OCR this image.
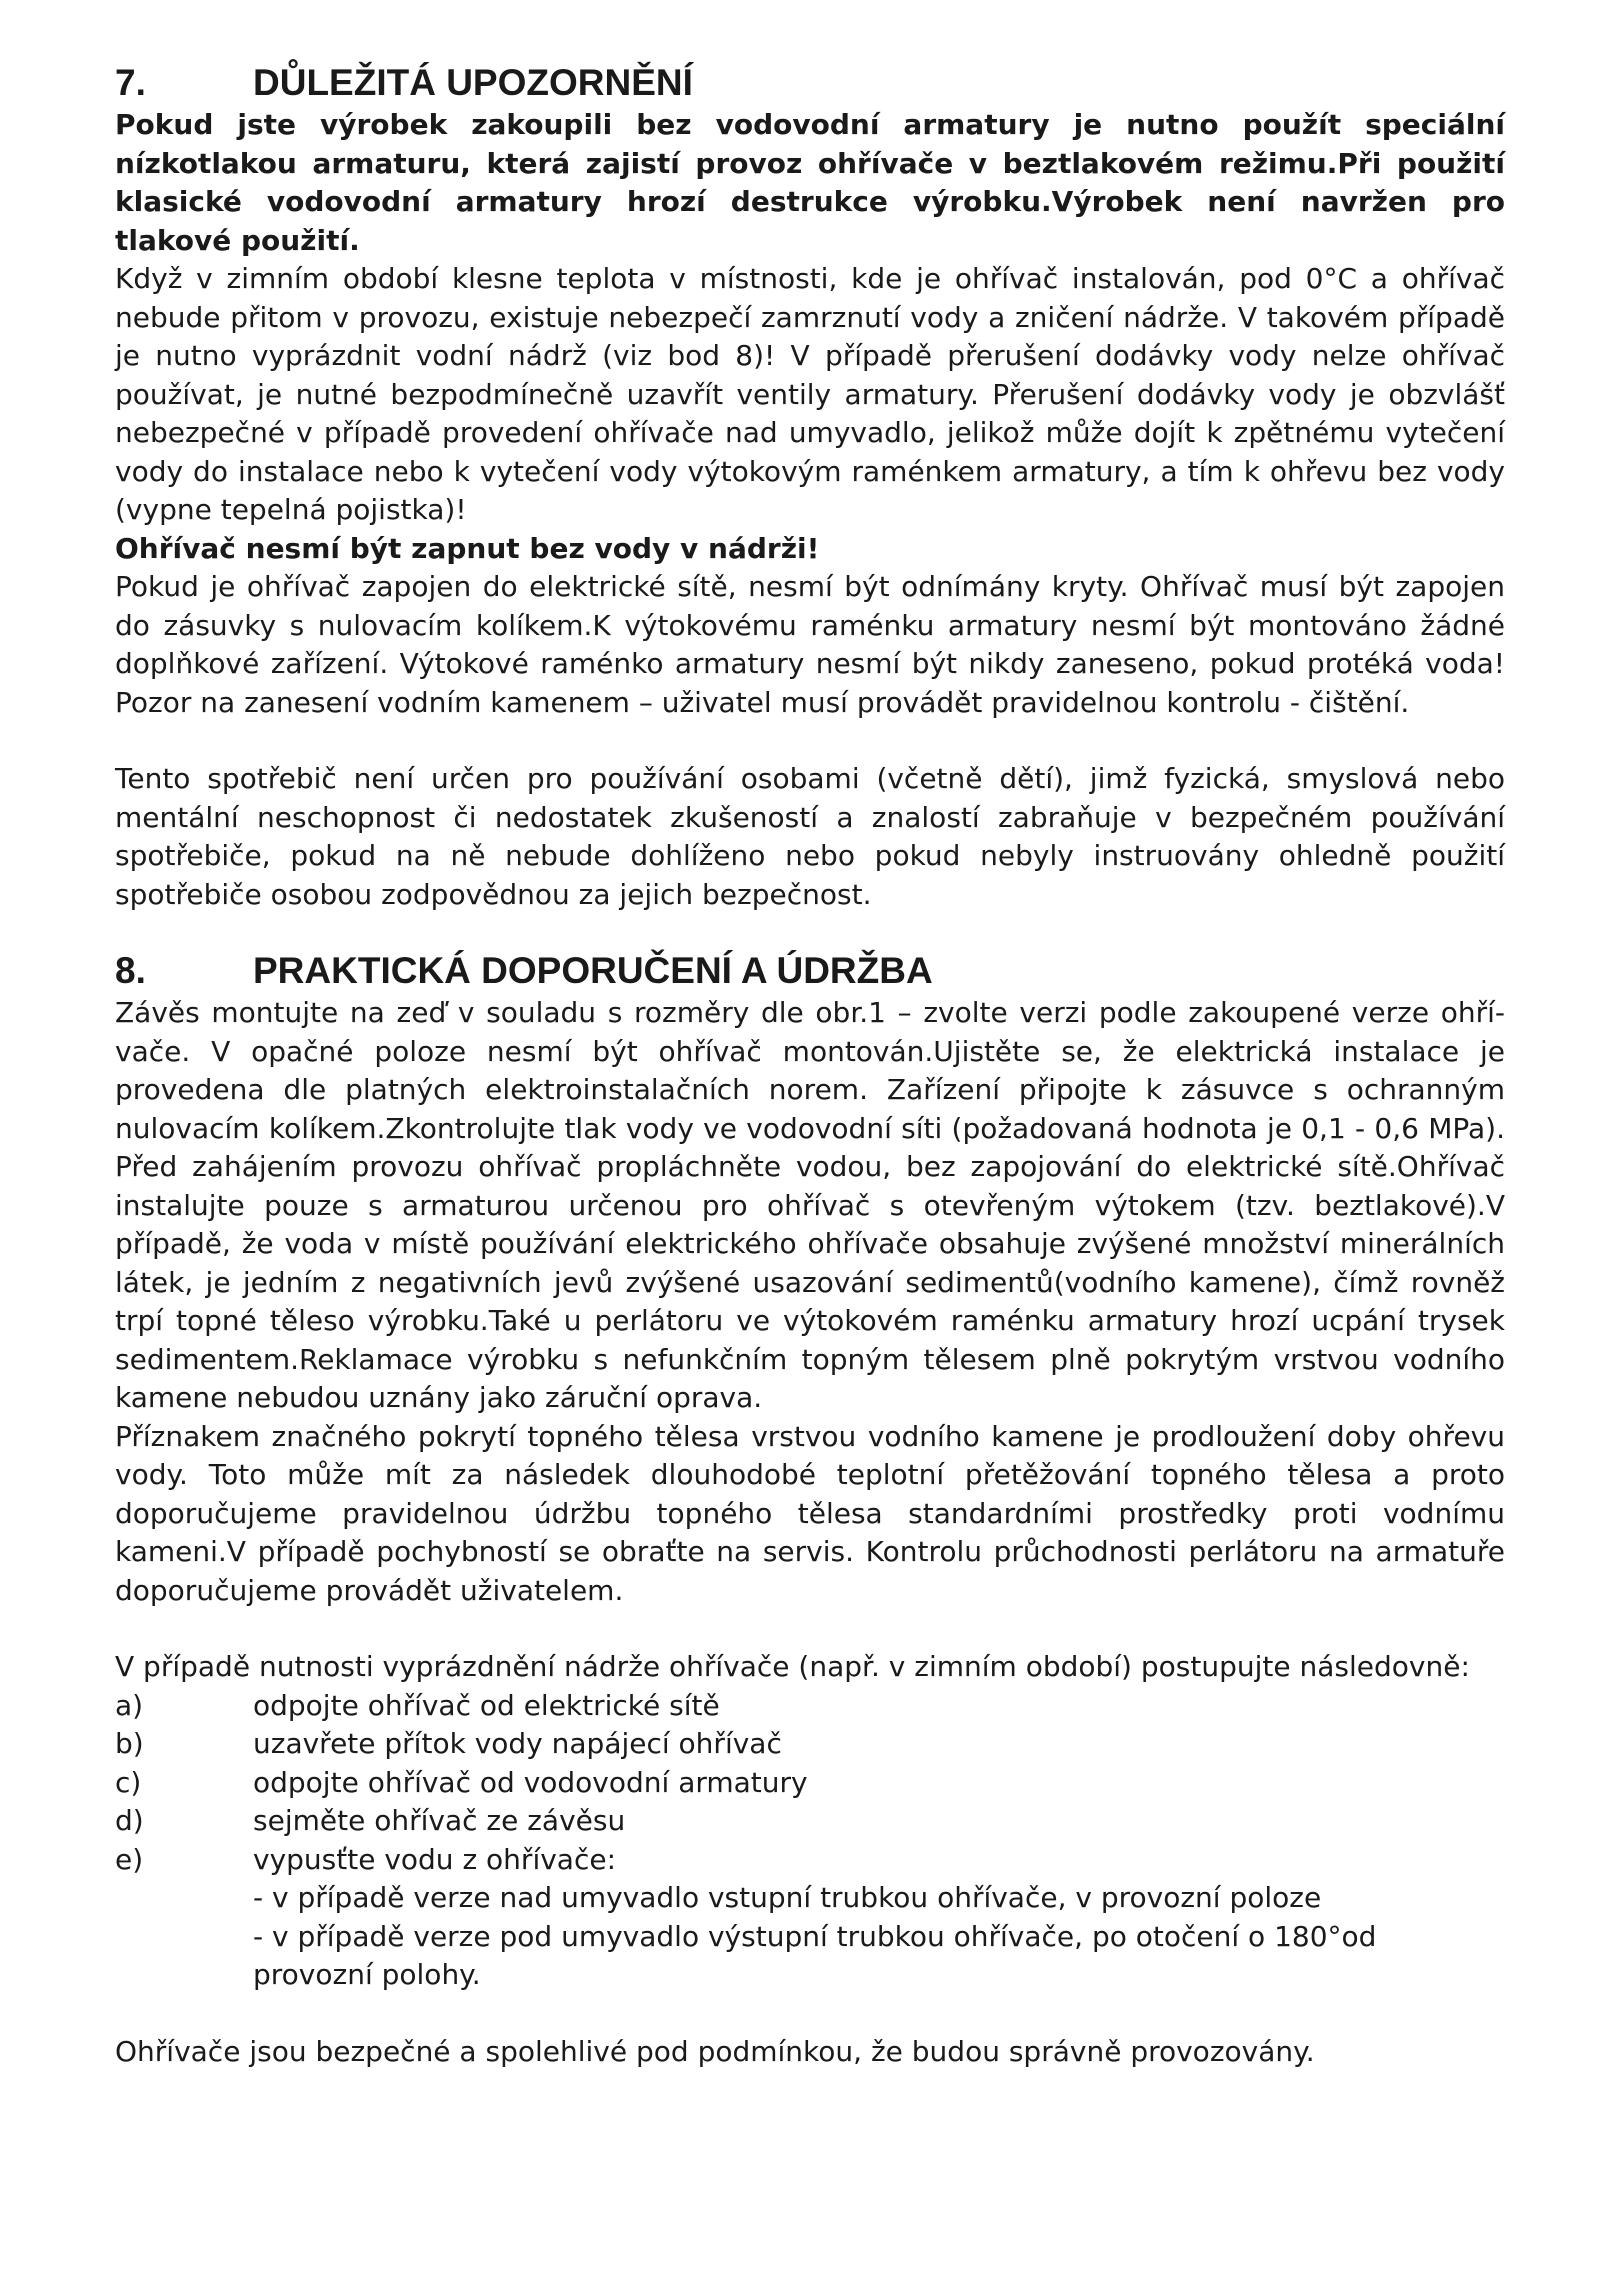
7.	DŮLEŽITÁ UPOZORNĚNÍ

Pokud jste výrobek zakoupili bez vodovodní armatury je nutno použít speciální nízkotlakou armaturu, která zajistí provoz ohřívače v beztlakovém režimu.Při použití klasické vodovodní armatury hrozí destrukce výrobku.Výrobek není navržen pro tlakové použití.

Když v zimním období klesne teplota v místnosti, kde je ohřívač instalován, pod 0°C a ohřívač nebude přitom v provozu, existuje nebezpečí zamrznutí vody a zničení nádrže. V takovém případě je nutno vyprázdnit vodní nádrž (viz bod 8)! V případě přerušení dodávky vody nelze ohřívač používat, je nutné bezpodmínečně uzavřít ventily armatury. Přerušení dodávky vody je obzvlášť nebezpečné v případě provedení ohřívače nad umyvadlo, jelikož může dojít k zpětnému vytečení vody do instalace nebo k vytečení vody výtokovým raménkem armatury, a tím k ohřevu bez vody (vypne tepelná pojistka)!

Ohřívač nesmí být zapnut bez vody v nádrži!

Pokud je ohřívač zapojen do elektrické sítě, nesmí být odnímány kryty. Ohřívač musí být zapojen do zásuvky s nulovacím kolíkem.K výtokovému raménku armatury nesmí být montováno žádné doplňkové zařízení. Výtokové raménko armatury nesmí být nikdy zaneseno, pokud protéká voda! Pozor na zanesení vodním kamenem – uživatel musí provádět pravidelnou kontrolu - čištění.

Tento spotřebič není určen pro používání osobami (včetně dětí), jimž fyzická, smyslová nebo mentální neschopnost či nedostatek zkušeností a znalostí zabraňuje v bezpečném používání spotřebiče, pokud na ně nebude dohlíženo nebo pokud nebyly instruovány ohledně použití spotřebiče osobou zodpovědnou za jejich bezpečnost.

8.	PRAKTICKÁ DOPORUČENÍ A ÚDRŽBA

Závěs montujte na zeď v souladu s rozměry dle obr.1 – zvolte verzi podle zakoupené verze ohří-vače. V opačné poloze nesmí být ohřívač montován.Ujistěte se, že elektrická instalace je provedena dle platných elektroinstalačních norem. Zařízení připojte k zásuvce s ochranným nulovacím kolíkem.Zkontrolujte tlak vody ve vodovodní síti (požadovaná hodnota je 0,1 - 0,6 MPa). Před zahájením provozu ohřívač propláchněte vodou, bez zapojování do elektrické sítě.Ohřívač instalujte pouze s armaturou určenou pro ohřívač s otevřeným výtokem (tzv. beztlakové).V případě, že voda v místě používání elektrického ohřívače obsahuje zvýšené množství minerálních látek, je jedním z negativních jevů zvýšené usazování sedimentů(vodního kamene), čímž rovněž trpí topné těleso výrobku.Také u perlátoru ve výtokovém raménku armatury hrozí ucpání trysek sedimentem.Reklamace výrobku s nefunkčním topným tělesem plně pokrytým vrstvou vodního kamene nebudou uznány jako záruční oprava.

Příznakem značného pokrytí topného tělesa vrstvou vodního kamene je prodloužení doby ohřevu vody. Toto může mít za následek dlouhodobé teplotní přetěžování topného tělesa a proto doporučujeme pravidelnou údržbu topného tělesa standardními prostředky proti vodnímu kameni.V případě pochybností se obraťte na servis. Kontrolu průchodnosti perlátoru na armatuře doporučujeme provádět uživatelem.

V případě nutnosti vyprázdnění nádrže ohřívače (např. v zimním období) postupujte následovně:

a)	odpojte ohřívač od elektrické sítě
b)	uzavřete přítok vody napájecí ohřívač
c)	odpojte ohřívač od vodovodní armatury
d)	sejměte ohřívač ze závěsu
e)	vypusťte vodu z ohřívače:
- v případě verze nad umyvadlo vstupní trubkou ohřívače, v provozní poloze
- v případě verze pod umyvadlo výstupní trubkou ohřívače, po otočení o 180°od provozní polohy.

Ohřívače jsou bezpečné a spolehlivé pod podmínkou, že budou správně provozovány.
